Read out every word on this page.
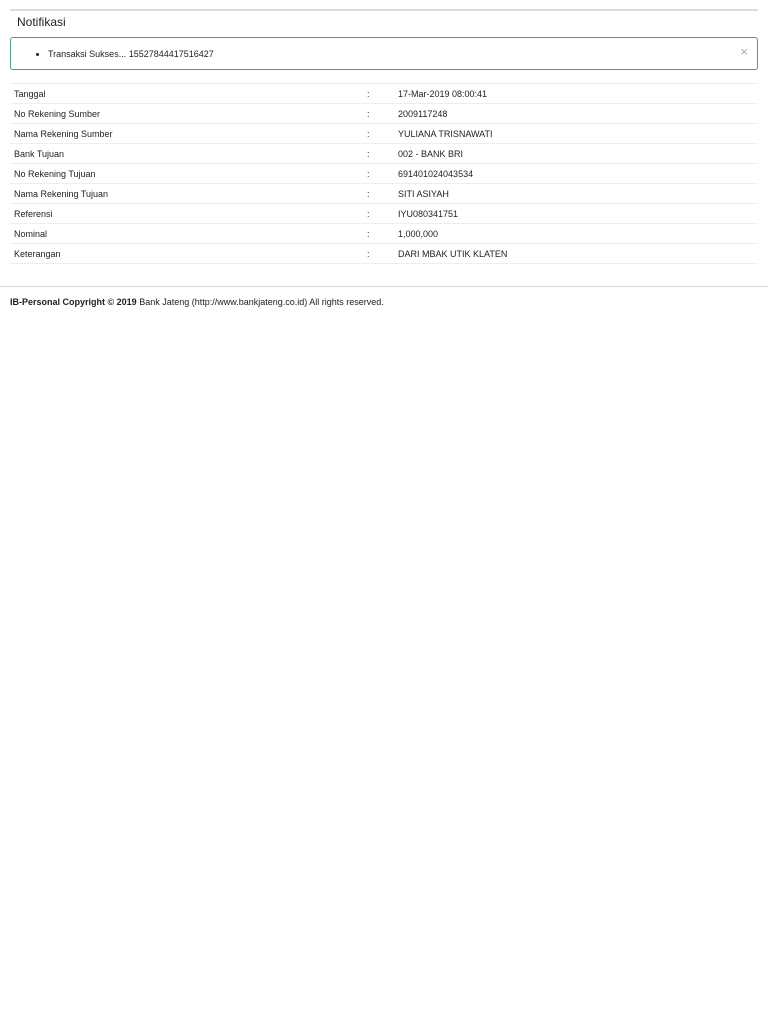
Notifikasi
• Transaksi Sukses... 15527844417516427	×
Tanggal	:	17-Mar-2019 08:00:41
No Rekening Sumber	:	2009117248
Nama Rekening Sumber	:	YULIANA TRISNAWATI
Bank Tujuan	:	002 - BANK BRI
No Rekening Tujuan	:	691401024043534
Nama Rekening Tujuan	:	SITI ASIYAH
Referensi	:	IYU080341751
Nominal	:	1,000,000
Keterangan	:	DARI MBAK UTIK KLATEN
IB-Personal Copyright © 2019 Bank Jateng (http://www.bankjateng.co.id) All rights reserved.
